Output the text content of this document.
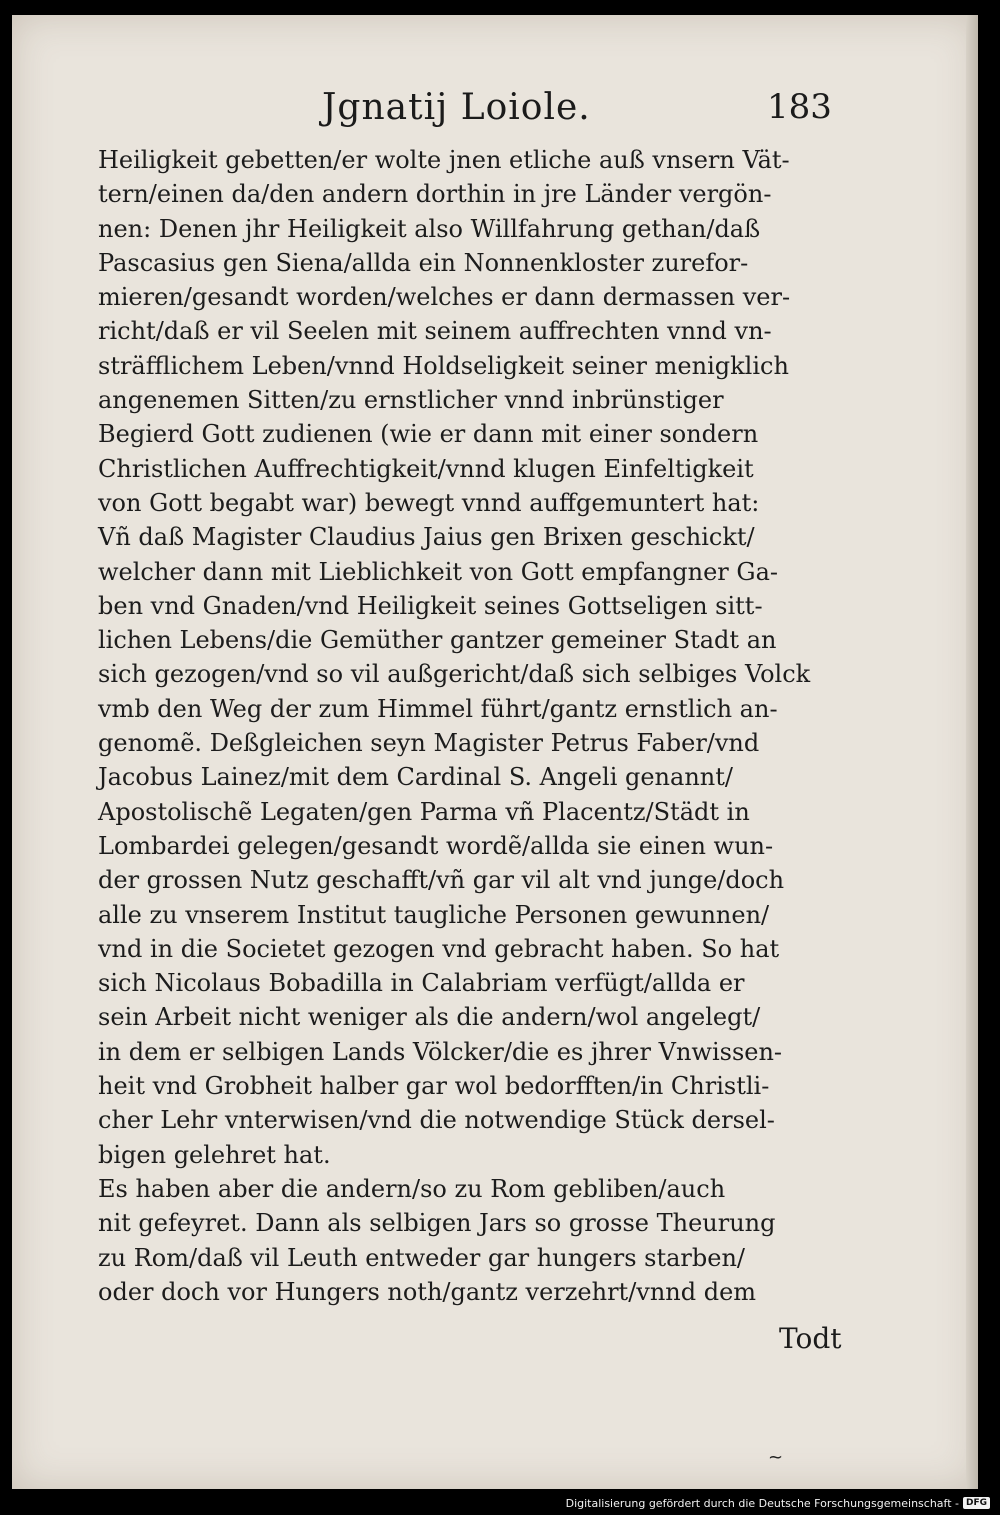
Jgnatij Loiole.	183
Heiligkeit gebetten/er wolte jnen etliche auß vnsern Vät-
tern/einen da/den andern dorthin in jre Länder vergön-
nen: Denen jhr Heiligkeit also Willfahrung gethan/daß
Pascasius gen Siena/allda ein Nonnenkloster zurefor-
mieren/gesandt worden/welches er dann dermassen ver-
richt/daß er vil Seelen mit seinem auffrechten vnnd vn-
sträfflichem Leben/vnnd Holdseligkeit seiner menigklich
angenemen Sitten/zu ernstlicher vnnd inbrünstiger
Begierd Gott zudienen (wie er dann mit einer sondern
Christlichen Auffrechtigkeit/vnnd klugen Einfeltigkeit
von Gott begabt war) bewegt vnnd auffgemuntert hat:
Vñ daß Magister Claudius Jaius gen Brixen geschickt/
welcher dann mit Lieblichkeit von Gott empfangner Ga-
ben vnd Gnaden/vnd Heiligkeit seines Gottseligen sitt-
lichen Lebens/die Gemüther gantzer gemeiner Stadt an
sich gezogen/vnd so vil außgericht/daß sich selbiges Volck
vmb den Weg der zum Himmel führt/gantz ernstlich an-
genomẽ. Deßgleichen seyn Magister Petrus Faber/vnd
Jacobus Lainez/mit dem Cardinal S. Angeli genannt/
Apostolischẽ Legaten/gen Parma vñ Placentz/Städt in
Lombardei gelegen/gesandt wordẽ/allda sie einen wun-
der grossen Nutz geschafft/vñ gar vil alt vnd junge/doch
alle zu vnserem Institut taugliche Personen gewunnen/
vnd in die Societet gezogen vnd gebracht haben. So hat
sich Nicolaus Bobadilla in Calabriam verfügt/allda er
sein Arbeit nicht weniger als die andern/wol angelegt/
in dem er selbigen Lands Völcker/die es jhrer Vnwissen-
heit vnd Grobheit halber gar wol bedorfften/in Christli-
cher Lehr vnterwisen/vnd die notwendige Stück dersel-
bigen gelehret hat.
Es haben aber die andern/so zu Rom gebliben/auch
nit gefeyret. Dann als selbigen Jars so grosse Theurung
zu Rom/daß vil Leuth entweder gar hungers starben/
oder doch vor Hungers noth/gantz verzehrt/vnnd dem
Todt
~
Digitalisierung gefördert durch die Deutsche Forschungsgemeinschaft - DFG
